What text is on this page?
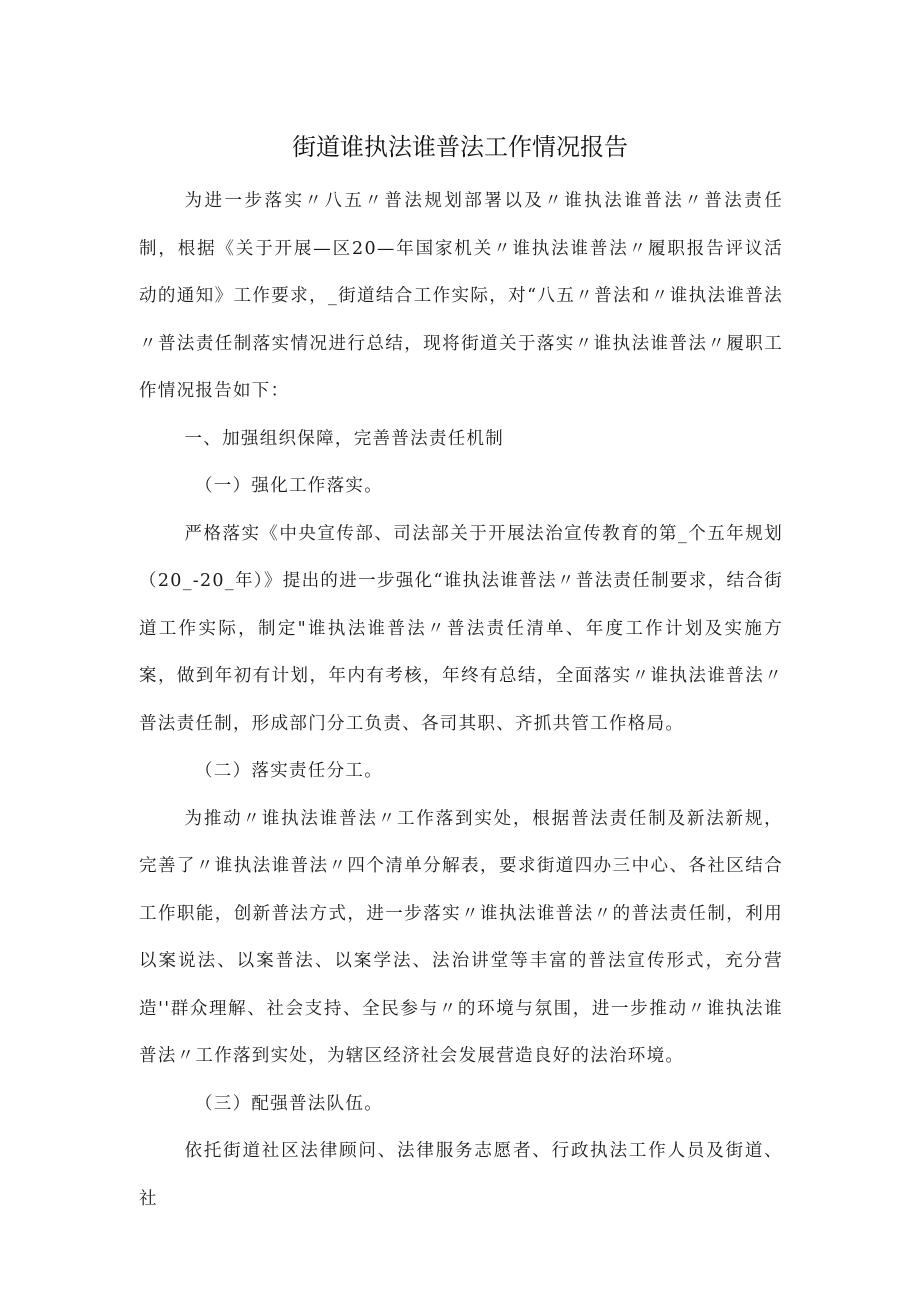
街道谁执法谁普法工作情况报告

为进一步落实〃八五〃普法规划部署以及〃谁执法谁普法〃普法责任制，根据《关于开展—区20—年国家机关〃谁执法谁普法〃履职报告评议活动的通知》工作要求，_街道结合工作实际，对“八五〃普法和〃谁执法谁普法〃普法责任制落实情况进行总结，现将街道关于落实〃谁执法谁普法〃履职工作情况报告如下：

一、加强组织保障，完善普法责任机制

（一）强化工作落实。

严格落实《中央宣传部、司法部关于开展法治宣传教育的第_个五年规划（20_-20_年）》提出的进一步强化“谁执法谁普法〃普法责任制要求，结合街道工作实际，制定"谁执法谁普法〃普法责任清单、年度工作计划及实施方案，做到年初有计划，年内有考核，年终有总结，全面落实〃谁执法谁普法〃普法责任制，形成部门分工负责、各司其职、齐抓共管工作格局。

（二）落实责任分工。

为推动〃谁执法谁普法〃工作落到实处，根据普法责任制及新法新规，完善了〃谁执法谁普法〃四个清单分解表，要求街道四办三中心、各社区结合工作职能，创新普法方式，进一步落实〃谁执法谁普法〃的普法责任制，利用以案说法、以案普法、以案学法、法治讲堂等丰富的普法宣传形式，充分营造''群众理解、社会支持、全民参与〃的环境与氛围，进一步推动〃谁执法谁普法〃工作落到实处，为辖区经济社会发展营造良好的法治环境。

（三）配强普法队伍。

依托街道社区法律顾问、法律服务志愿者、行政执法工作人员及街道、社
